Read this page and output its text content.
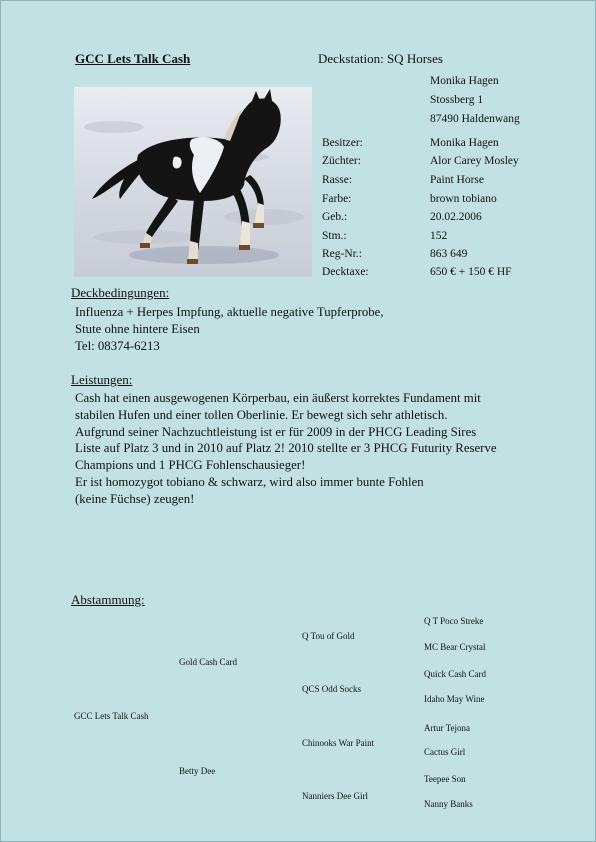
GCC Lets Talk Cash	Deckstation: SQ Horses
Monika Hagen
Stossberg 1
87490 Haldenwang
Besitzer:	Monika Hagen
Züchter:	Alor Carey Mosley
Rasse:	Paint Horse
Farbe:	brown tobiano
Geb.:	20.02.2006
Stm.:	152
Reg-Nr.:	863 649
Decktaxe:	650 € + 150 € HF
Deckbedingungen:
Influenza + Herpes Impfung, aktuelle negative Tupferprobe,
Stute ohne hintere Eisen
Tel: 08374-6213
Leistungen:
Cash hat einen ausgewogenen Körperbau, ein äußerst korrektes Fundament mit
stabilen Hufen und einer tollen Oberlinie. Er bewegt sich sehr athletisch.
Aufgrund seiner Nachzuchtleistung ist er für 2009 in der PHCG Leading Sires
Liste auf Platz 3 und in 2010 auf Platz 2! 2010 stellte er 3 PHCG Futurity Reserve
Champions und 1 PHCG Fohlenschausieger!
Er ist homozygot tobiano & schwarz, wird also immer bunte Fohlen
(keine Füchse) zeugen!
Abstammung:
GCC Lets Talk Cash
Gold Cash Card
Betty Dee
Q Tou of Gold
QCS Odd Socks
Chinooks War Paint
Nanniers Dee Girl
Q T Poco Streke
MC Bear Crystal
Quick Cash Card
Idaho May Wine
Artur Tejona
Cactus Girl
Teepee Son
Nanny Banks
